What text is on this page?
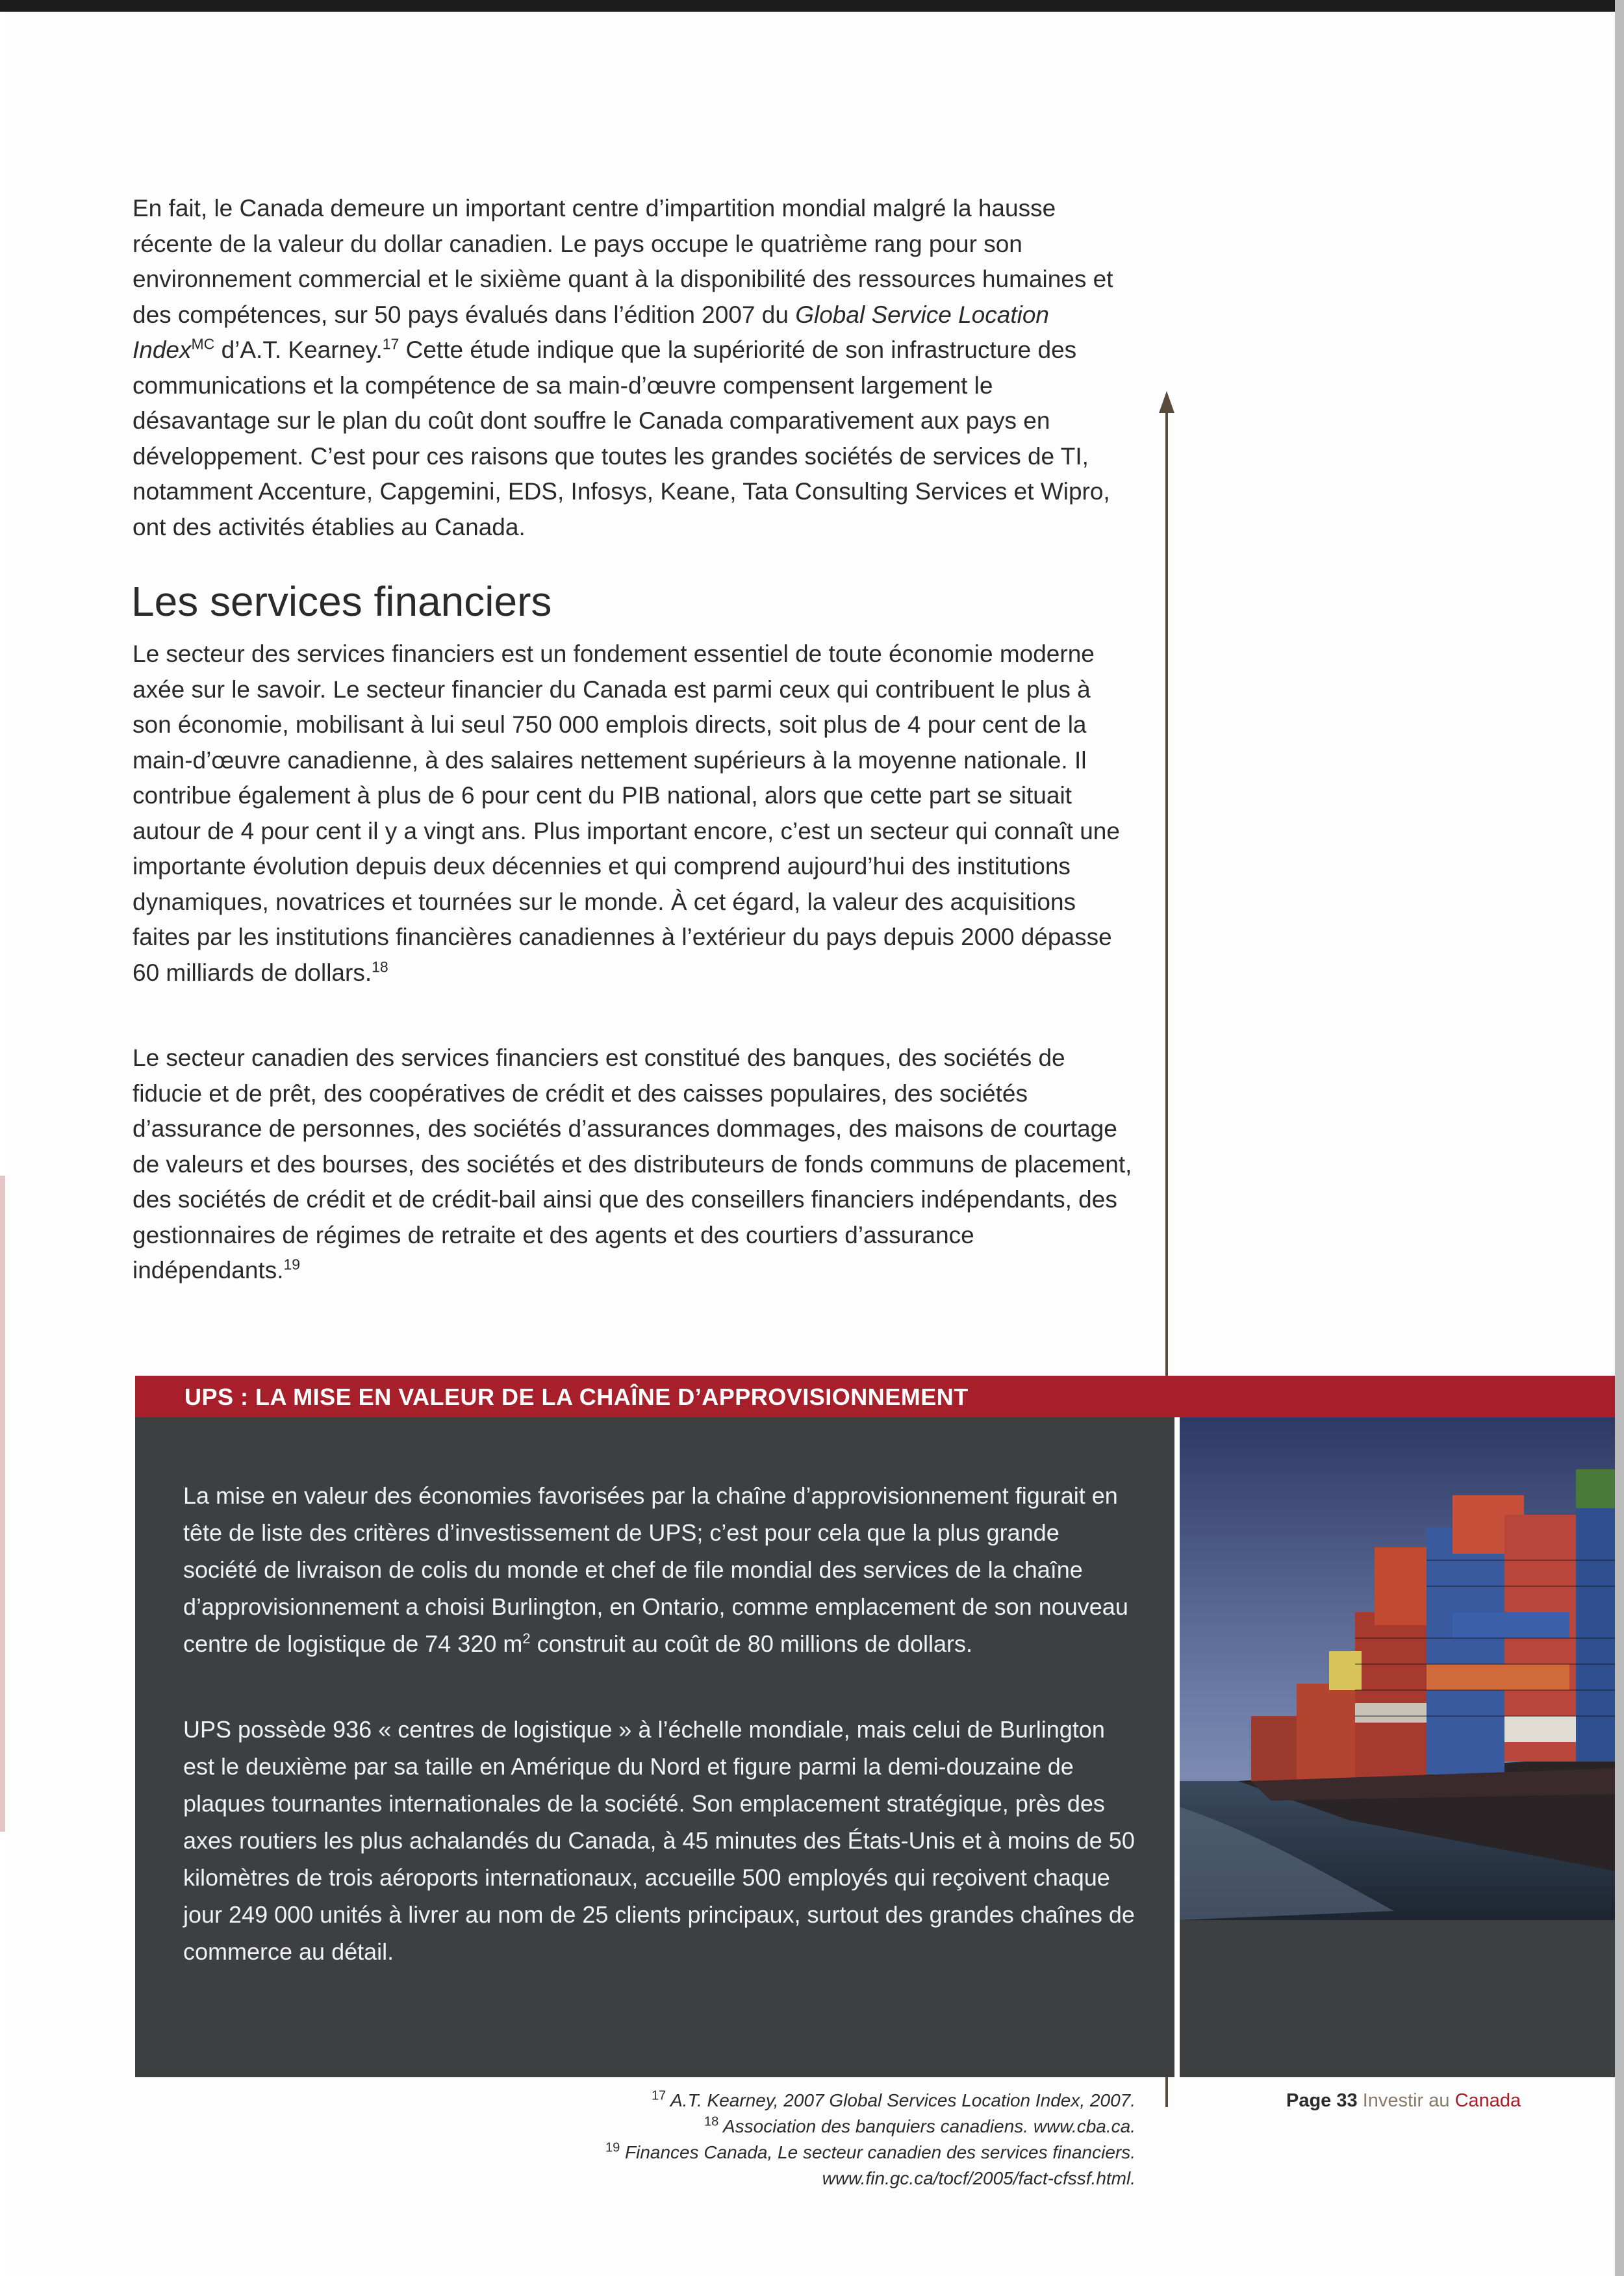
En fait, le Canada demeure un important centre d’impartition mondial malgré la hausse récente de la valeur du dollar canadien. Le pays occupe le quatrième rang pour son environnement commercial et le sixième quant à la disponibilité des ressources humaines et des compétences, sur 50 pays évalués dans l’édition 2007 du Global Service Location Index$^{MC}$ d’A.T. Kearney.$^{17}$ Cette étude indique que la supériorité de son infrastructure des communications et la compétence de sa main-d’œuvre compensent largement le désavantage sur le plan du coût dont souffre le Canada comparativement aux pays en développement. C’est pour ces raisons que toutes les grandes sociétés de services de TI, notamment Accenture, Capgemini, EDS, Infosys, Keane, Tata Consulting Services et Wipro, ont des activités établies au Canada.

Les services financiers

Le secteur des services financiers est un fondement essentiel de toute économie moderne axée sur le savoir. Le secteur financier du Canada est parmi ceux qui contribuent le plus à son économie, mobilisant à lui seul 750 000 emplois directs, soit plus de 4 pour cent de la main-d’œuvre canadienne, à des salaires nettement supérieurs à la moyenne nationale. Il contribue également à plus de 6 pour cent du PIB national, alors que cette part se situait autour de 4 pour cent il y a vingt ans. Plus important encore, c’est un secteur qui connaît une importante évolution depuis deux décennies et qui comprend aujourd’hui des institutions dynamiques, novatrices et tournées sur le monde. À cet égard, la valeur des acquisitions faites par les institutions financières canadiennes à l’extérieur du pays depuis 2000 dépasse 60 milliards de dollars.$^{18}$

Le secteur canadien des services financiers est constitué des banques, des sociétés de fiducie et de prêt, des coopératives de crédit et des caisses populaires, des sociétés d’assurance de personnes, des sociétés d’assurances dommages, des maisons de courtage de valeurs et des bourses, des sociétés et des distributeurs de fonds communs de placement, des sociétés de crédit et de crédit-bail ainsi que des conseillers financiers indépendants, des gestionnaires de régimes de retraite et des agents et des courtiers d’assurance indépendants.$^{19}$

UPS : LA MISE EN VALEUR DE LA CHAÎNE D’APPROVISIONNEMENT

La mise en valeur des économies favorisées par la chaîne d’approvisionnement figurait en tête de liste des critères d’investissement de UPS; c’est pour cela que la plus grande société de livraison de colis du monde et chef de file mondial des services de la chaîne d’approvisionnement a choisi Burlington, en Ontario, comme emplacement de son nouveau centre de logistique de 74 320 $m^2$ construit au coût de 80 millions de dollars.

UPS possède 936 « centres de logistique » à l’échelle mondiale, mais celui de Burlington est le deuxième par sa taille en Amérique du Nord et figure parmi la demi-douzaine de plaques tournantes internationales de la société. Son emplacement stratégique, près des axes routiers les plus achalandés du Canada, à 45 minutes des États-Unis et à moins de 50 kilomètres de trois aéroports internationaux, accueille 500 employés qui reçoivent chaque jour 249 000 unités à livrer au nom de 25 clients principaux, surtout des grandes chaînes de commerce au détail.

$^{17}$ A.T. Kearney, 2007 Global Services Location Index, 2007.
$^{18}$ Association des banquiers canadiens. www.cba.ca.
$^{19}$ Finances Canada, Le secteur canadien des services financiers.
www.fin.gc.ca/tocf/2005/fact-cfssf.html.

Page 33 Investir au Canada
